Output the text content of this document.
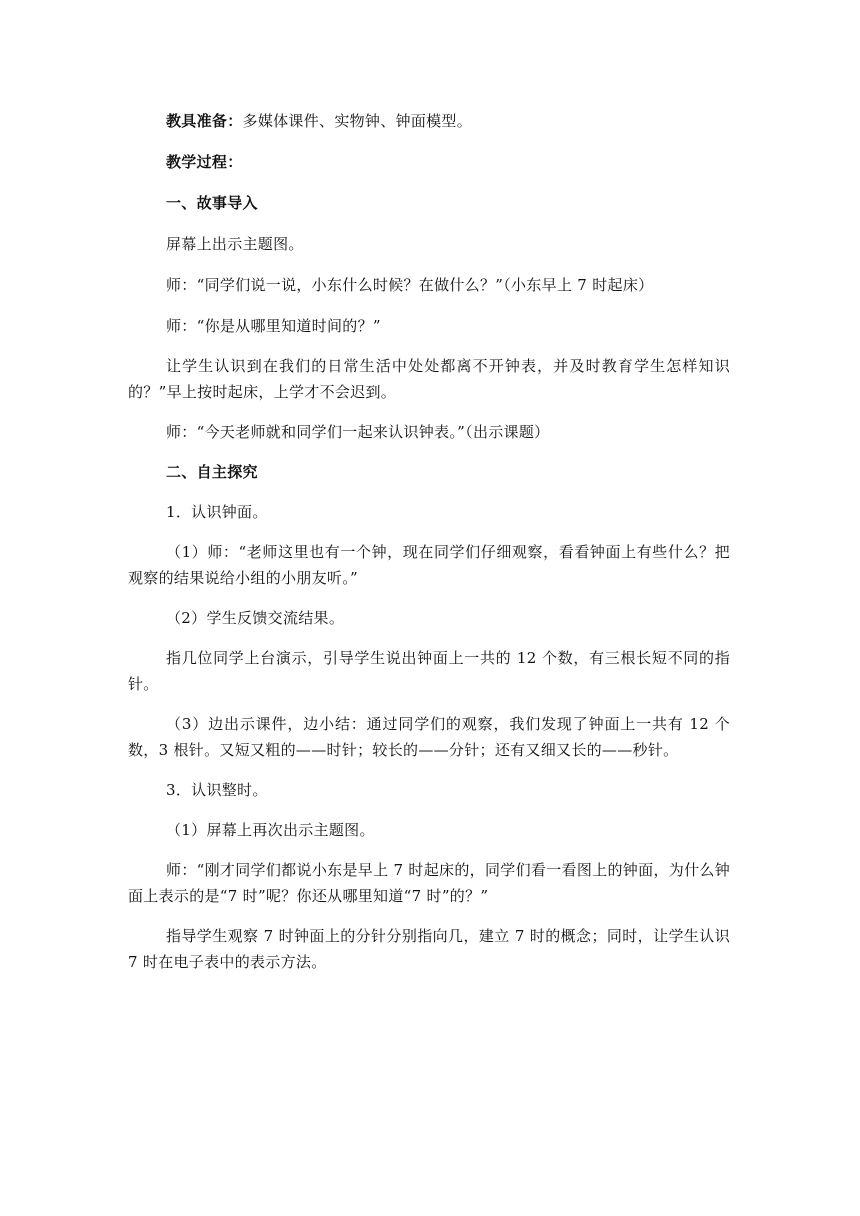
教具准备：多媒体课件、实物钟、钟面模型。

教学过程：

一、故事导入

屏幕上出示主题图。

师：“同学们说一说，小东什么时候？在做什么？”（小东早上 7 时起床）

师：“你是从哪里知道时间的？”

让学生认识到在我们的日常生活中处处都离不开钟表，并及时教育学生怎样知识的？”早上按时起床，上学才不会迟到。

师：“今天老师就和同学们一起来认识钟表。”（出示课题）

二、自主探究

1．认识钟面。

（1）师：“老师这里也有一个钟，现在同学们仔细观察，看看钟面上有些什么？把观察的结果说给小组的小朋友听。”

（2）学生反馈交流结果。

指几位同学上台演示，引导学生说出钟面上一共的 12 个数，有三根长短不同的指针。

（3）边出示课件，边小结：通过同学们的观察，我们发现了钟面上一共有 12 个数，3 根针。又短又粗的——时针；较长的——分针；还有又细又长的——秒针。

3．认识整时。

（1）屏幕上再次出示主题图。

师：“刚才同学们都说小东是早上 7 时起床的，同学们看一看图上的钟面，为什么钟面上表示的是“7 时”呢？你还从哪里知道“7 时”的？”

指导学生观察 7 时钟面上的分针分别指向几，建立 7 时的概念；同时，让学生认识 7 时在电子表中的表示方法。
